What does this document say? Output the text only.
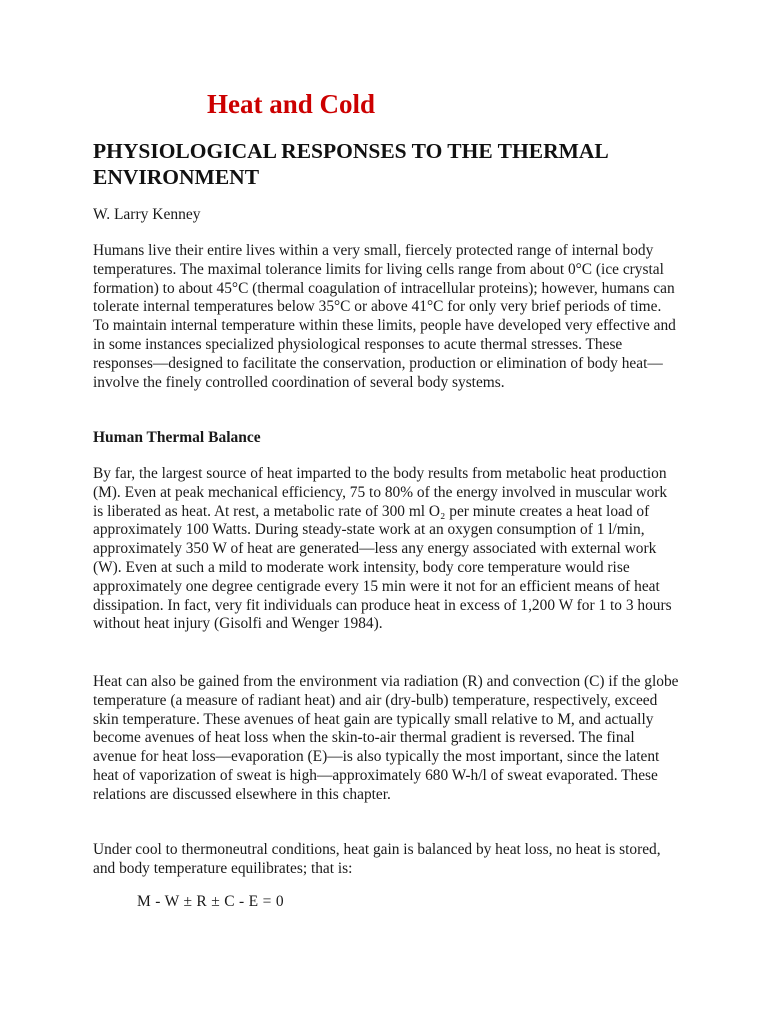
Heat and Cold
PHYSIOLOGICAL RESPONSES TO THE THERMAL ENVIRONMENT

W. Larry Kenney

Humans live their entire lives within a very small, fiercely protected range of internal body temperatures. The maximal tolerance limits for living cells range from about 0°C (ice crystal formation) to about 45°C (thermal coagulation of intracellular proteins); however, humans can tolerate internal temperatures below 35°C or above 41°C for only very brief periods of time. To maintain internal temperature within these limits, people have developed very effective and in some instances specialized physiological responses to acute thermal stresses. These responses—designed to facilitate the conservation, production or elimination of body heat—involve the finely controlled coordination of several body systems.

Human Thermal Balance

By far, the largest source of heat imparted to the body results from metabolic heat production (M). Even at peak mechanical efficiency, 75 to 80% of the energy involved in muscular work is liberated as heat. At rest, a metabolic rate of 300 ml O₂ per minute creates a heat load of approximately 100 Watts. During steady-state work at an oxygen consumption of 1 l/min, approximately 350 W of heat are generated—less any energy associated with external work (W). Even at such a mild to moderate work intensity, body core temperature would rise approximately one degree centigrade every 15 min were it not for an efficient means of heat dissipation. In fact, very fit individuals can produce heat in excess of 1,200 W for 1 to 3 hours without heat injury (Gisolfi and Wenger 1984).

Heat can also be gained from the environment via radiation (R) and convection (C) if the globe temperature (a measure of radiant heat) and air (dry-bulb) temperature, respectively, exceed skin temperature. These avenues of heat gain are typically small relative to M, and actually become avenues of heat loss when the skin-to-air thermal gradient is reversed. The final avenue for heat loss—evaporation (E)—is also typically the most important, since the latent heat of vaporization of sweat is high—approximately 680 W-h/l of sweat evaporated. These relations are discussed elsewhere in this chapter.

Under cool to thermoneutral conditions, heat gain is balanced by heat loss, no heat is stored, and body temperature equilibrates; that is:

M - W ± R ± C - E = 0
